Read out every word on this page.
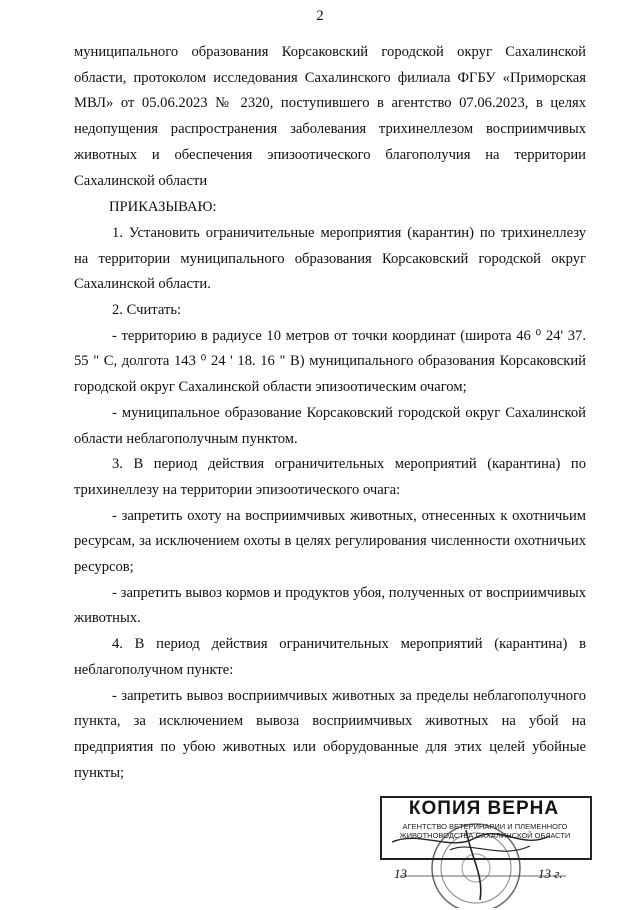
2

муниципального образования Корсаковский городской округ Сахалинской области, протоколом исследования Сахалинского филиала ФГБУ «Приморская МВЛ» от 05.06.2023 № 2320, поступившего в агентство 07.06.2023, в целях недопущения распространения заболевания трихинеллезом восприимчивых животных и обеспечения эпизоотического благополучия на территории Сахалинской области

ПРИКАЗЫВАЮ:

1. Установить ограничительные мероприятия (карантин) по трихинеллезу на территории муниципального образования Корсаковский городской округ Сахалинской области.

2. Считать:

- территорию в радиусе 10 метров от точки координат (широта 46 ⁰ 24' 37. 55 " С, долгота 143 ⁰ 24 ' 18. 16 " В) муниципального образования Корсаковский городской округ Сахалинской области эпизоотическим очагом;

- муниципальное образование Корсаковский городской округ Сахалинской области неблагополучным пунктом.

3. В период действия ограничительных мероприятий (карантина) по трихинеллезу на территории эпизоотического очага:

- запретить охоту на восприимчивых животных, отнесенных к охотничьим ресурсам, за исключением охоты в целях регулирования численности охотничьих ресурсов;

- запретить вывоз кормов и продуктов убоя, полученных от восприимчивых животных.

4. В период действия ограничительных мероприятий (карантина) в неблагополучном пункте:

- запретить вывоз восприимчивых животных за пределы неблагополучного пункта, за исключением вывоза восприимчивых животных на убой на предприятия по убою животных или оборудованные для этих целей убойные пункты;

КОПИЯ ВЕРНА
АГЕНТСТВО ВЕТЕРИНАРИИ И ПЛЕМЕННОГО
ЖИВОТНОВОДСТВА САХАЛИНСКОЙ ОБЛАСТИ
13	13 г.
